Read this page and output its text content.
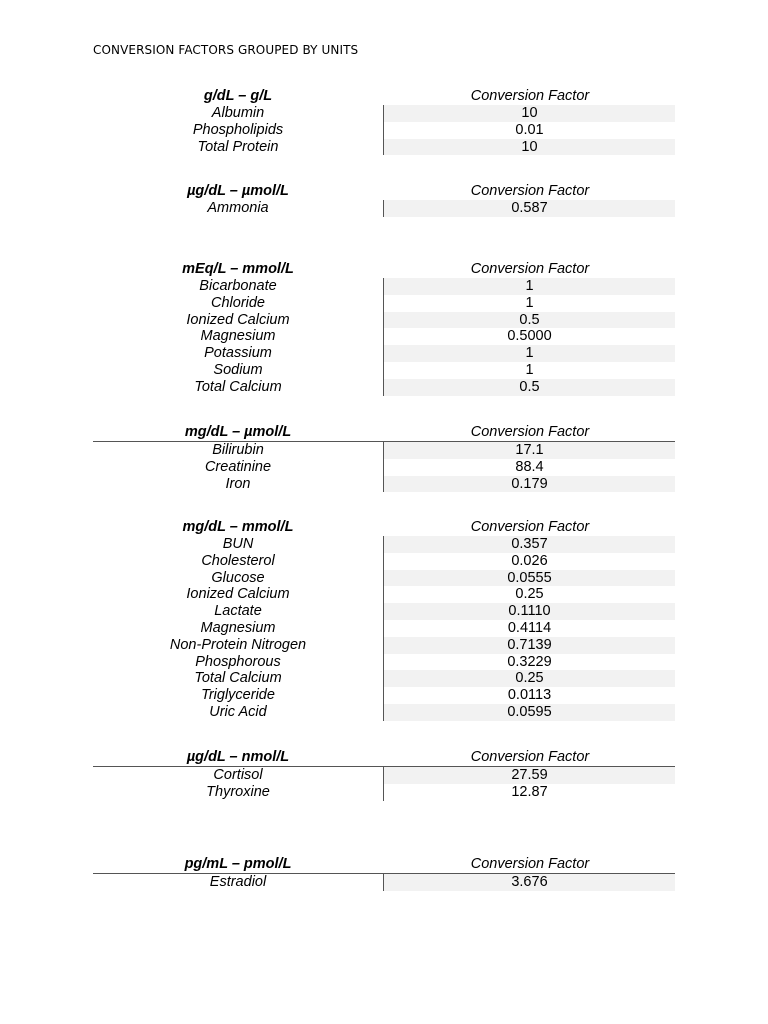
CONVERSION FACTORS GROUPED BY UNITS
g/dL – g/L	Conversion Factor
Albumin	10
Phospholipids	0.01
Total Protein	10
µg/dL – µmol/L	Conversion Factor
Ammonia	0.587
mEq/L – mmol/L	Conversion Factor
Bicarbonate	1
Chloride	1
Ionized Calcium	0.5
Magnesium	0.5000
Potassium	1
Sodium	1
Total Calcium	0.5
mg/dL – µmol/L	Conversion Factor
Bilirubin	17.1
Creatinine	88.4
Iron	0.179
mg/dL – mmol/L	Conversion Factor
BUN	0.357
Cholesterol	0.026
Glucose	0.0555
Ionized Calcium	0.25
Lactate	0.1110
Magnesium	0.4114
Non-Protein Nitrogen	0.7139
Phosphorous	0.3229
Total Calcium	0.25
Triglyceride	0.0113
Uric Acid	0.0595
µg/dL – nmol/L	Conversion Factor
Cortisol	27.59
Thyroxine	12.87
pg/mL – pmol/L	Conversion Factor
Estradiol	3.676
